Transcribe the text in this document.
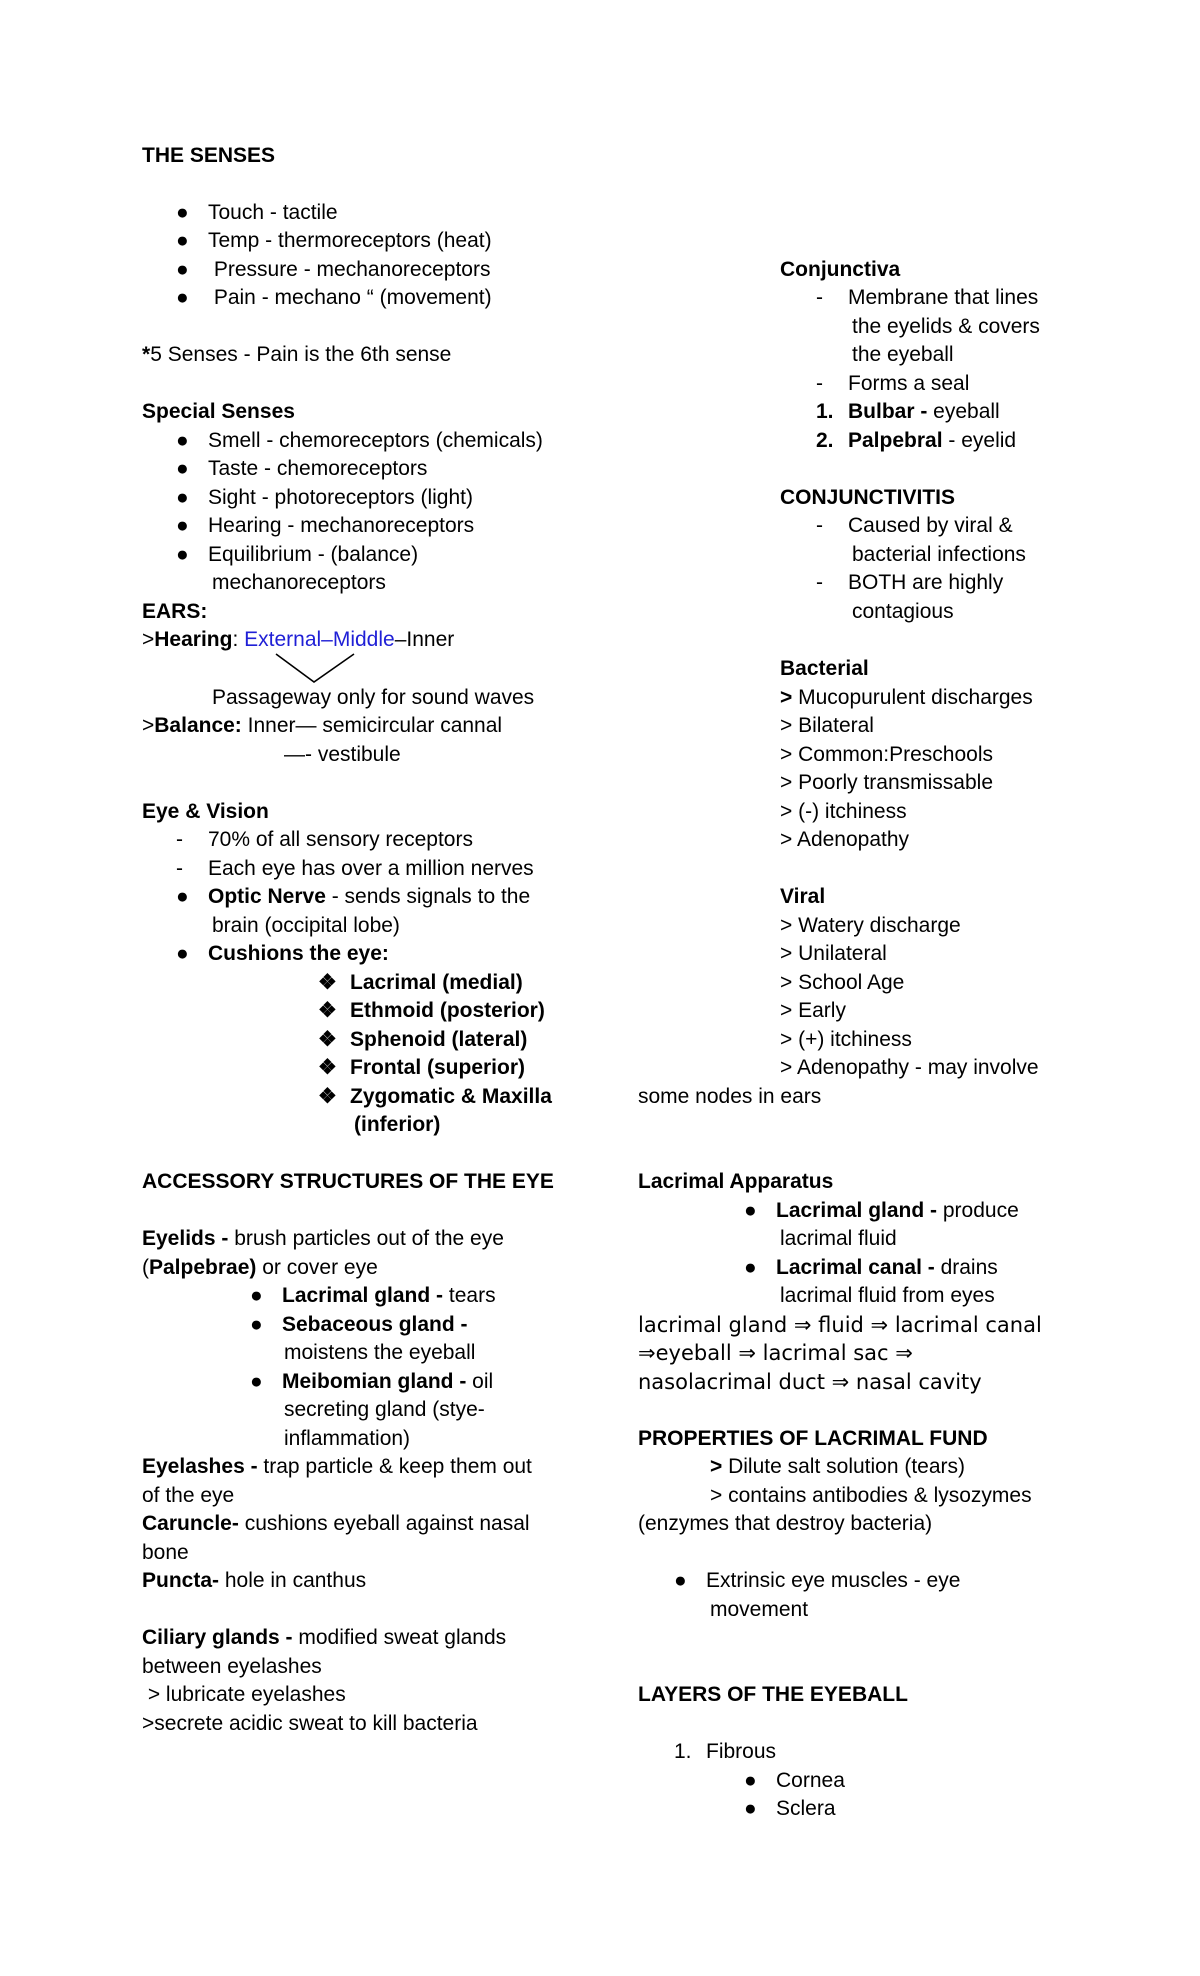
THE SENSES
● Touch - tactile
● Temp - thermoreceptors (heat)
● Pressure - mechanoreceptors
● Pain - mechano “ (movement)
*5 Senses - Pain is the 6th sense
Special Senses
● Smell - chemoreceptors (chemicals)
● Taste - chemoreceptors
● Sight - photoreceptors (light)
● Hearing - mechanoreceptors
● Equilibrium - (balance)
mechanoreceptors
EARS:
>Hearing: External–Middle–Inner
Passageway only for sound waves
>Balance: Inner— semicircular cannal
—- vestibule
Eye & Vision
- 70% of all sensory receptors
- Each eye has over a million nerves
● Optic Nerve - sends signals to the
brain (occipital lobe)
● Cushions the eye:
❖ Lacrimal (medial)
❖ Ethmoid (posterior)
❖ Sphenoid (lateral)
❖ Frontal (superior)
❖ Zygomatic & Maxilla
(inferior)
ACCESSORY STRUCTURES OF THE EYE
Eyelids - brush particles out of the eye
(Palpebrae) or cover eye
● Lacrimal gland - tears
● Sebaceous gland -
moistens the eyeball
● Meibomian gland - oil
secreting gland (stye-
inflammation)
Eyelashes - trap particle & keep them out
of the eye
Caruncle- cushions eyeball against nasal
bone
Puncta- hole in canthus
Ciliary glands - modified sweat glands
between eyelashes
> lubricate eyelashes
>secrete acidic sweat to kill bacteria
Conjunctiva
- Membrane that lines
the eyelids & covers
the eyeball
- Forms a seal
1. Bulbar - eyeball
2. Palpebral - eyelid
CONJUNCTIVITIS
- Caused by viral &
bacterial infections
- BOTH are highly
contagious
Bacterial
> Mucopurulent discharges
> Bilateral
> Common:Preschools
> Poorly transmissable
> (-) itchiness
> Adenopathy
Viral
> Watery discharge
> Unilateral
> School Age
> Early
> (+) itchiness
> Adenopathy - may involve
some nodes in ears
Lacrimal Apparatus
● Lacrimal gland - produce
lacrimal fluid
● Lacrimal canal - drains
lacrimal fluid from eyes
lacrimal gland ⇒ fluid ⇒ lacrimal canal
⇒eyeball ⇒ lacrimal sac ⇒
nasolacrimal duct ⇒ nasal cavity
PROPERTIES OF LACRIMAL FUND
> Dilute salt solution (tears)
> contains antibodies & lysozymes
(enzymes that destroy bacteria)
● Extrinsic eye muscles - eye
movement
LAYERS OF THE EYEBALL
1. Fibrous
● Cornea
● Sclera
